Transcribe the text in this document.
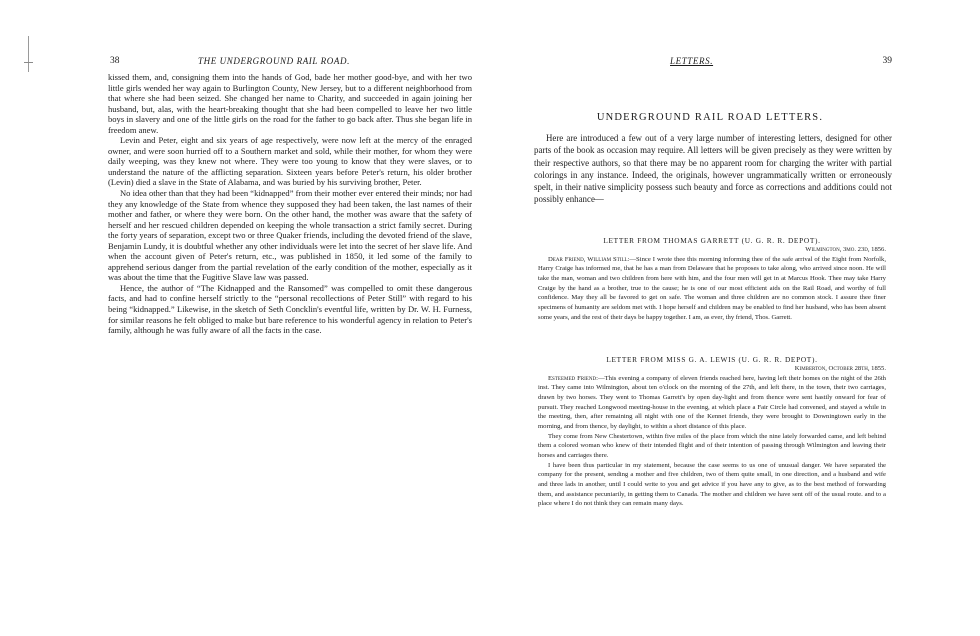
38	THE UNDERGROUND RAIL ROAD.

kissed them, and, consigning them into the hands of God, bade her mother good-bye, and with her two little girls wended her way again to Burlington County, New Jersey, but to a different neighborhood from that where she had been seized. She changed her name to Charity, and succeeded in again joining her husband, but, alas, with the heart-breaking thought that she had been compelled to leave her two little boys in slavery and one of the little girls on the road for the father to go back after. Thus she began life in freedom anew.

Levin and Peter, eight and six years of age respectively, were now left at the mercy of the enraged owner, and were soon hurried off to a Southern market and sold, while their mother, for whom they were daily weeping, was they knew not where. They were too young to know that they were slaves, or to understand the nature of the afflicting separation. Sixteen years before Peter's return, his older brother (Levin) died a slave in the State of Alabama, and was buried by his surviving brother, Peter.

No idea other than that they had been “kidnapped” from their mother ever entered their minds; nor had they any knowledge of the State from whence they supposed they had been taken, the last names of their mother and father, or where they were born. On the other hand, the mother was aware that the safety of herself and her rescued children depended on keeping the whole transaction a strict family secret. During the forty years of separation, except two or three Quaker friends, including the devoted friend of the slave, Benjamin Lundy, it is doubtful whether any other individuals were let into the secret of her slave life. And when the account given of Peter's return, etc., was published in 1850, it led some of the family to apprehend serious danger from the partial revelation of the early condition of the mother, especially as it was about the time that the Fugitive Slave law was passed.

Hence, the author of “The Kidnapped and the Ransomed” was compelled to omit these dangerous facts, and had to confine herself strictly to the “personal recollections of Peter Still” with regard to his being “kidnapped.” Likewise, in the sketch of Seth Concklin's eventful life, written by Dr. W. H. Furness, for similar reasons he felt obliged to make but bare reference to his wonderful agency in relation to Peter's family, although he was fully aware of all the facts in the case.

LETTERS.	39
UNDERGROUND RAIL ROAD LETTERS.

Here are introduced a few out of a very large number of interesting letters, designed for other parts of the book as occasion may require. All letters will be given precisely as they were written by their respective authors, so that there may be no apparent room for charging the writer with partial colorings in any instance. Indeed, the originals, however ungrammatically written or erroneously spelt, in their native simplicity possess such beauty and force as corrections and additions could not possibly enhance—

LETTER FROM THOMAS GARRETT (U. G. R. R. DEPOT).

Wilmington, 3mo. 23d, 1856.

Dear Friend, William Still:—Since I wrote thee this morning informing thee of the safe arrival of the Eight from Norfolk, Harry Craige has informed me, that he has a man from Delaware that he proposes to take along, who arrived since noon. He will take the man, woman and two children from here with him, and the four men will get in at Marcus Hook. Thee may take Harry Craige by the hand as a brother, true to the cause; he is one of our most efficient aids on the Rail Road, and worthy of full confidence. May they all be favored to get on safe. The woman and three children are no common stock. I assure thee finer specimens of humanity are seldom met with. I hope herself and children may be enabled to find her husband, who has been absent some years, and the rest of their days be happy together. I am, as ever, thy friend, Thos. Garrett.

LETTER FROM MISS G. A. LEWIS (U. G. R. R. DEPOT).

Kimberton, October 28th, 1855.

Esteemed Friend:—This evening a company of eleven friends reached here, having left their homes on the night of the 26th inst. They came into Wilmington, about ten o'clock on the morning of the 27th, and left there, in the town, their two carriages, drawn by two horses. They went to Thomas Garrett's by open day-light and from thence were sent hastily onward for fear of pursuit. They reached Longwood meeting-house in the evening, at which place a Fair Circle had convened, and stayed a while in the meeting, then, after remaining all night with one of the Kennet friends, they were brought to Downingtown early in the morning, and from thence, by daylight, to within a short distance of this place.

They come from New Chestertown, within five miles of the place from which the nine lately forwarded came, and left behind them a colored woman who knew of their intended flight and of their intention of passing through Wilmington and leaving their horses and carriages there.

I have been thus particular in my statement, because the case seems to us one of unusual danger. We have separated the company for the present, sending a mother and five children, two of them quite small, in one direction, and a husband and wife and three lads in another, until I could write to you and get advice if you have any to give, as to the best method of forwarding them, and assistance pecuniarily, in getting them to Canada. The mother and children we have sent off of the usual route. and to a place where I do not think they can remain many days.
